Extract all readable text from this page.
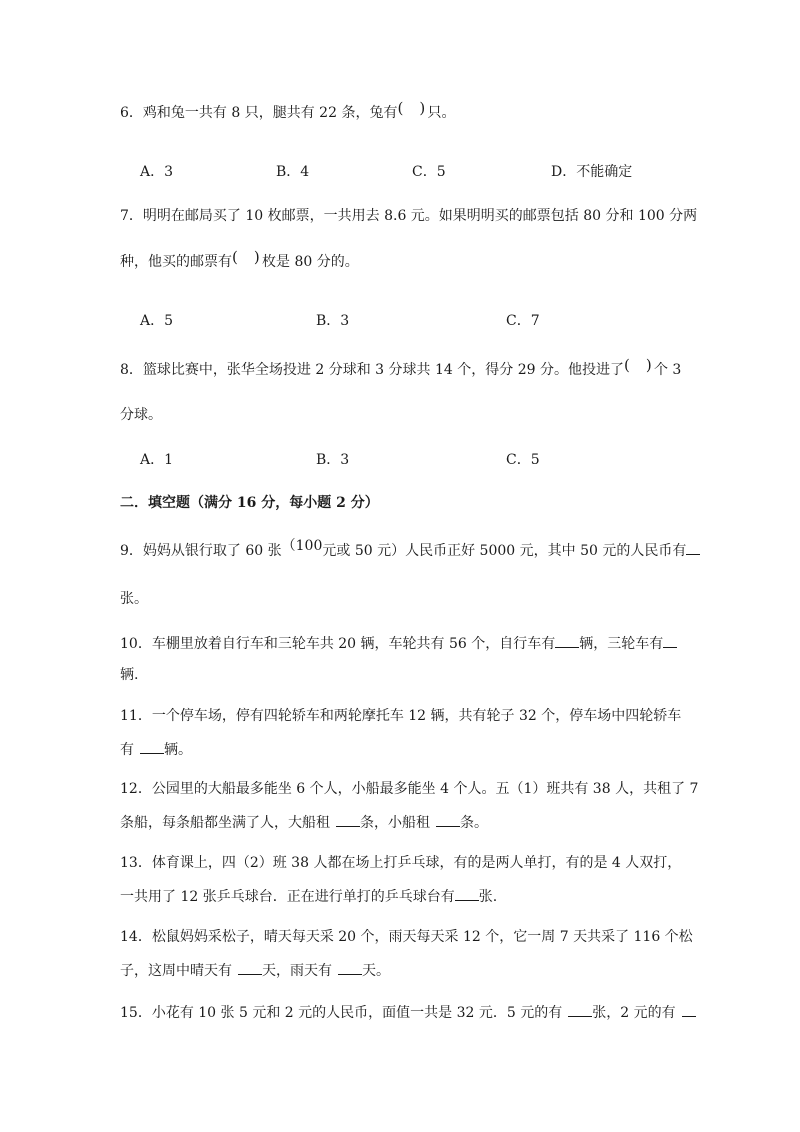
6．鸡和兔一共有 8 只，腿共有 22 条，兔有( ) 只。
A．3	B．4	C．5	D．不能确定
7．明明在邮局买了 10 枚邮票，一共用去 8.6 元。如果明明买的邮票包括 80 分和 100 分两
种，他买的邮票有( ) 枚是 80 分的。
A．5	B．3	C．7
8．篮球比赛中，张华全场投进 2 分球和 3 分球共 14 个，得分 29 分。他投进了( ) 个 3
分球。
A．1	B．3	C．5
二．填空题（满分 16 分，每小题 2 分）
9．妈妈从银行取了 60 张（100元或 50 元）人民币正好 5000 元，其中 50 元的人民币有
张。
10．车棚里放着自行车和三轮车共 20 辆，车轮共有 56 个，自行车有 辆，三轮车有
辆.
11．一个停车场，停有四轮轿车和两轮摩托车 12 辆，共有轮子 32 个，停车场中四轮轿车
有 辆。
12．公园里的大船最多能坐 6 个人，小船最多能坐 4 个人。五（1）班共有 38 人，共租了 7
条船，每条船都坐满了人，大船租 条，小船租 条。
13．体育课上，四（2）班 38 人都在场上打乒乓球，有的是两人单打，有的是 4 人双打，
一共用了 12 张乒乓球台．正在进行单打的乒乓球台有 张.
14．松鼠妈妈采松子，晴天每天采 20 个，雨天每天采 12 个，它一周 7 天共采了 116 个松
子，这周中晴天有 天，雨天有 天。
15．小花有 10 张 5 元和 2 元的人民币，面值一共是 32 元．5 元的有 张，2 元的有
